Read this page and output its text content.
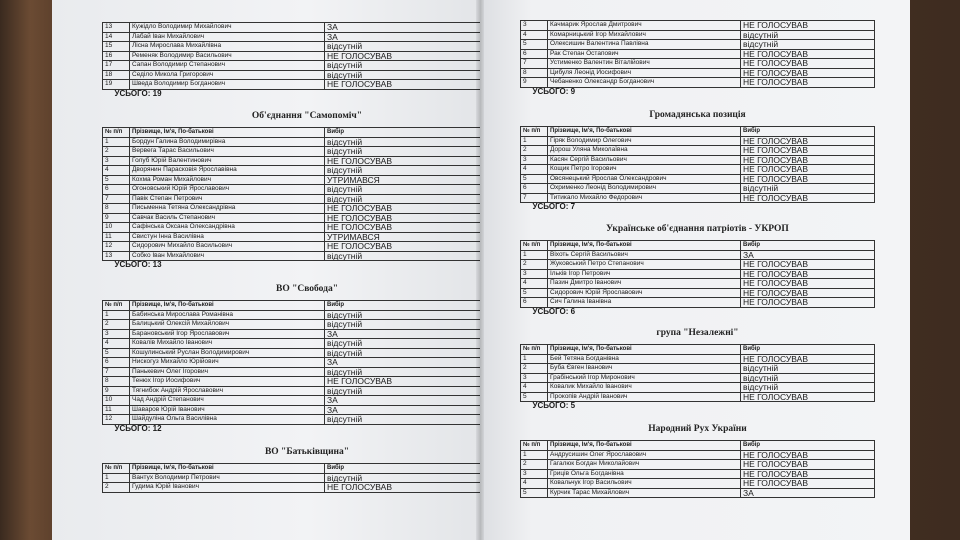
13	Кужідло Володимир Михайлович	ЗА
14	Лабай Іван Михайлович	ЗА
15	Лісна Мирослава Михайлівна	відсутній
16	Ременяк Володимир Васильович	НЕ ГОЛОСУВАВ
17	Сапан Володимир Степанович	відсутній
18	Седіло Микола Григорович	відсутній
19	Шведа Володимир Богданович	НЕ ГОЛОСУВАВ
УСЬОГО: 19		
Об'єднання "Самопоміч"
№ п/п	Прізвище, Ім'я, По-батькові	Вибір
1	Бордун Галина Володимирівна	відсутній
2	Вервега Тарас Васильович	відсутній
3	Голуб Юрій Валентинович	НЕ ГОЛОСУВАВ
4	Дворянин Парасковія Ярославівна	відсутній
5	Кохма Роман Михайлович	УТРИМАВСЯ
6	Огоновський Юрій Ярославович	відсутній
7	Павік Степан Петрович	відсутній
8	Письменна Тетяна Олександрівна	НЕ ГОЛОСУВАВ
9	Савчак Василь Степанович	НЕ ГОЛОСУВАВ
10	Сафінська Оксана Олександрівна	НЕ ГОЛОСУВАВ
11	Свистун Інна Василівна	УТРИМАВСЯ
12	Сидорович Михайло Васильович	НЕ ГОЛОСУВАВ
13	Собко Іван Михайлович	відсутній
УСЬОГО: 13		
ВО "Свобода"
№ п/п	Прізвище, Ім'я, По-батькові	Вибір
1	Бабинська Мирослава Романівна	відсутній
2	Балицький Олексій Михайлович	відсутній
3	Барановський Ігор Ярославович	ЗА
4	Ковалів Михайло Іванович	відсутній
5	Кошулинський Руслан Володимирович	відсутній
6	Нискогуз Михайло Юрійович	ЗА
7	Панькевич Олег Ігорович	відсутній
8	Тенюх Ігор Йосифович	НЕ ГОЛОСУВАВ
9	Тягнибок Андрій Ярославович	відсутній
10	Чад Андрій Степанович	ЗА
11	Шаваров Юрій Іванович	ЗА
12	Шайдуліна Ольга Василівна	відсутній
УСЬОГО: 12		
ВО "Батьківщина"
№ п/п	Прізвище, Ім'я, По-батькові	Вибір
1	Вантух Володимир Петрович	відсутній
2	Гудима Юрій Іванович	НЕ ГОЛОСУВАВ
3	Качмарик Ярослав Дмитрович	НЕ ГОЛОСУВАВ
4	Комарницький Ігор Михайлович	відсутній
5	Олексишин Валентина Павлівна	відсутній
6	Рак Степан Остапович	НЕ ГОЛОСУВАВ
7	Устименко Валентин Віталійович	НЕ ГОЛОСУВАВ
8	Цибуля Леонід Йосифович	НЕ ГОЛОСУВАВ
9	Чебаненко Олександр Богданович	НЕ ГОЛОСУВАВ
УСЬОГО: 9		
Громадянська позиція
№ п/п	Прізвище, Ім'я, По-батькові	Вибір
1	Гіряк Володимир Олегович	НЕ ГОЛОСУВАВ
2	Дорош Уляна Миколаївна	НЕ ГОЛОСУВАВ
3	Касян Сергій Васильович	НЕ ГОЛОСУВАВ
4	Кощик Петро Ігорович	НЕ ГОЛОСУВАВ
5	Овсянецький Ярослав Олександрович	НЕ ГОЛОСУВАВ
6	Охрименко Леонід Володимирович	відсутній
7	Титикало Михайло Федорович	НЕ ГОЛОСУВАВ
УСЬОГО: 7		
Українське об'єднання патріотів - УКРОП
№ п/п	Прізвище, Ім'я, По-батькові	Вибір
1	Віхоть Сергій Васильович	ЗА
2	Жуковський Петро Степанович	НЕ ГОЛОСУВАВ
3	Ільків Ігор Петрович	НЕ ГОЛОСУВАВ
4	Пазин Дмитро Іванович	НЕ ГОЛОСУВАВ
5	Сидорович Юрій Ярославович	НЕ ГОЛОСУВАВ
6	Сич Галина Іванівна	НЕ ГОЛОСУВАВ
УСЬОГО: 6		
група "Незалежні"
№ п/п	Прізвище, Ім'я, По-батькові	Вибір
1	Бей Тетяна Богданівна	НЕ ГОЛОСУВАВ
2	Буба Євген Іванович	відсутній
3	Грабінський Ігор Миронович	відсутній
4	Ковалик Михайло Іванович	відсутній
5	Прокопів Андрій Іванович	НЕ ГОЛОСУВАВ
УСЬОГО: 5		
Народний Рух України
№ п/п	Прізвище, Ім'я, По-батькові	Вибір
1	Андрусишин Олег Ярославович	НЕ ГОЛОСУВАВ
2	Гагалюк Богдан Миколайович	НЕ ГОЛОСУВАВ
3	Гриців Ольга Богданівна	НЕ ГОЛОСУВАВ
4	Ковальчук Ігор Васильович	НЕ ГОЛОСУВАВ
5	Курчик Тарас Михайлович	ЗА
